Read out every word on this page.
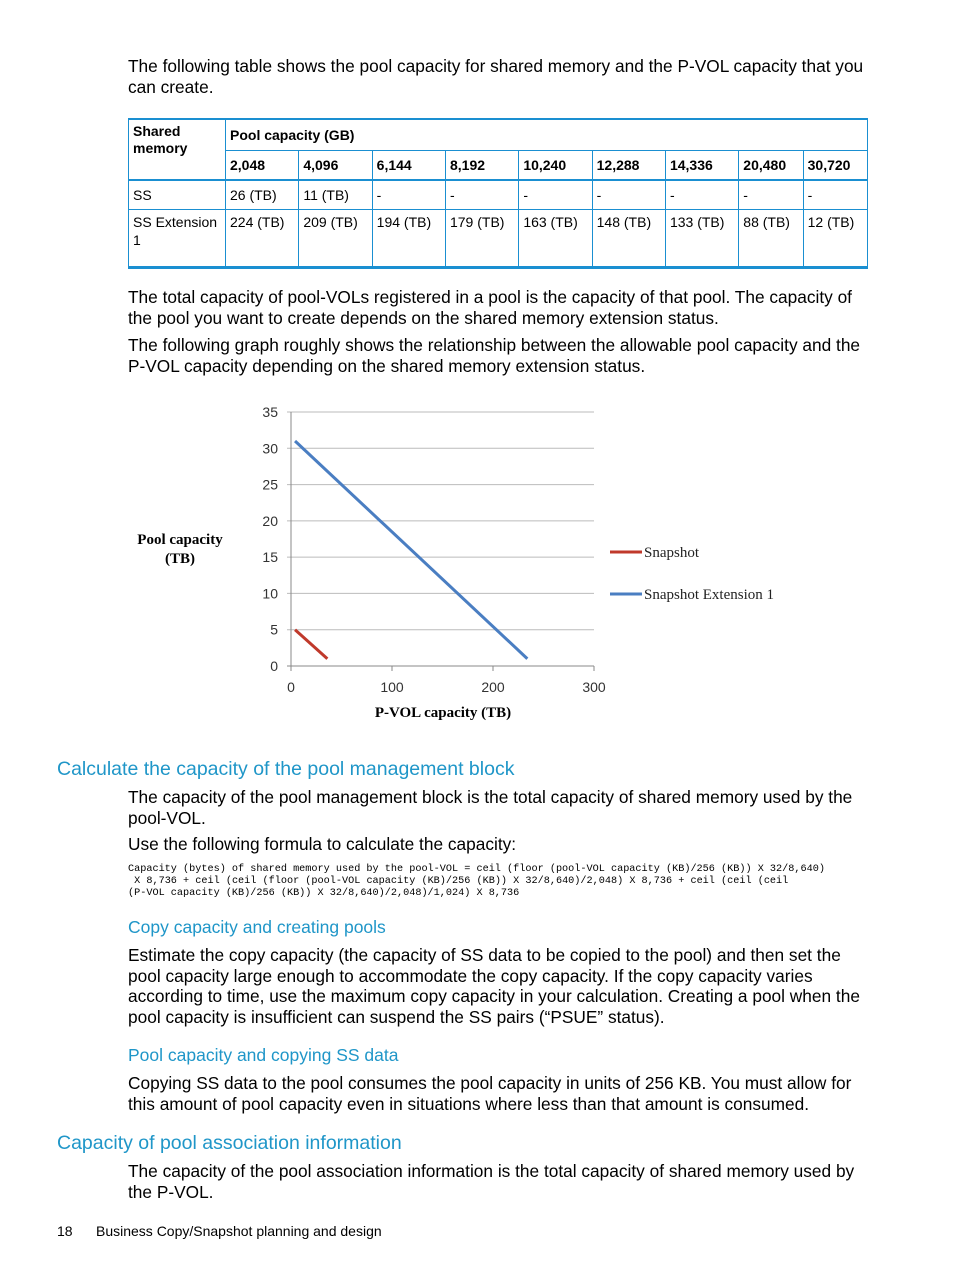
The following table shows the pool capacity for shared memory and the P-VOL capacity that you can create.

Shared memory	Pool capacity (GB)								
	2,048	4,096	6,144	8,192	10,240	12,288	14,336	20,480	30,720
SS	26 (TB)	11 (TB)	-	-	-	-	-	-	-
SS Extension 1	224 (TB)	209 (TB)	194 (TB)	179 (TB)	163 (TB)	148 (TB)	133 (TB)	88 (TB)	12 (TB)

The total capacity of pool-VOLs registered in a pool is the capacity of that pool. The capacity of the pool you want to create depends on the shared memory extension status.

The following graph roughly shows the relationship between the allowable pool capacity and the P-VOL capacity depending on the shared memory extension status.

0
5
10
15
20
25
30
35
0	100	200	300
Snapshot
Snapshot Extension 1
Pool capacity
(TB)
P-VOL capacity (TB)

Calculate the capacity of the pool management block

The capacity of the pool management block is the total capacity of shared memory used by the pool-VOL.

Use the following formula to calculate the capacity:

Capacity (bytes) of shared memory used by the pool-VOL = ceil (floor (pool-VOL capacity (KB)/256 (KB)) X 32/8,640)
X 8,736 + ceil (ceil (floor (pool-VOL capacity (KB)/256 (KB)) X 32/8,640)/2,048) X 8,736 + ceil (ceil (ceil
(P-VOL capacity (KB)/256 (KB)) X 32/8,640)/2,048)/1,024) X 8,736

Copy capacity and creating pools

Estimate the copy capacity (the capacity of SS data to be copied to the pool) and then set the pool capacity large enough to accommodate the copy capacity. If the copy capacity varies according to time, use the maximum copy capacity in your calculation. Creating a pool when the pool capacity is insufficient can suspend the SS pairs (“PSUE” status).

Pool capacity and copying SS data

Copying SS data to the pool consumes the pool capacity in units of 256 KB. You must allow for this amount of pool capacity even in situations where less than that amount is consumed.

Capacity of pool association information

The capacity of the pool association information is the total capacity of shared memory used by the P-VOL.

18 Business Copy/Snapshot planning and design
